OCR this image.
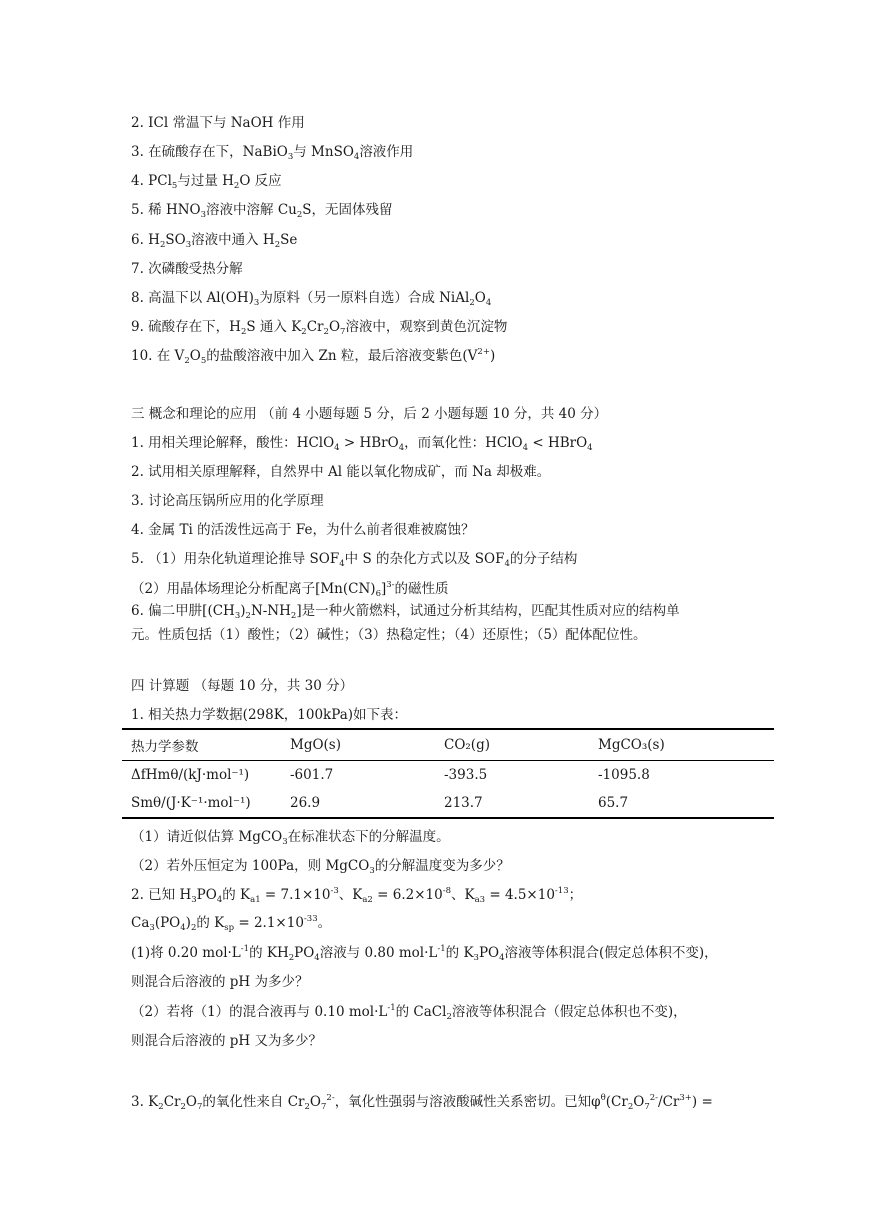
2. ICl 常温下与 NaOH 作用
3. 在硫酸存在下，NaBiO$_3$与 MnSO$_4$溶液作用
4. PCl$_5$与过量 $H_2O$ 反应
5. 稀 $HNO_3$溶液中溶解 $Cu_2S$，无固体残留
6. $H_2SO_3$溶液中通入 $H_2Se$
7. 次磷酸受热分解
8. 高温下以 $Al(OH)_3$为原料（另一原料自选）合成 $NiAl_2O_4$
9. 硫酸存在下，$H_2S$ 通入 $K_2Cr_2O_7$溶液中，观察到黄色沉淀物
10. 在 $V_2O_5$的盐酸溶液中加入 Zn 粒，最后溶液变紫色$(V^{2+})$
三 概念和理论的应用 （前 4 小题每题 5 分，后 2 小题每题 10 分，共 40 分）
1. 用相关理论解释，酸性：HClO$_4$ > HBrO$_4$，而氧化性：HClO$_4$ < HBrO$_4$
2. 试用相关原理解释，自然界中 Al 能以氧化物成矿，而 Na 却极难。
3. 讨论高压锅所应用的化学原理
4. 金属 Ti 的活泼性远高于 Fe，为什么前者很难被腐蚀？
5. （1）用杂化轨道理论推导 $SOF_4$中 S 的杂化方式以及 $SOF_4$的分子结构
（2）用晶体场理论分析配离子$[Mn(CN)_6]^{3-}$的磁性质
6. 偏二甲肼$[(CH_3)_2N-NH_2]$是一种火箭燃料，试通过分析其结构，匹配其性质对应的结构单
元。性质包括（1）酸性；（2）碱性；（3）热稳定性；（4）还原性；（5）配体配位性。
四 计算题 （每题 10 分，共 30 分）
1. 相关热力学数据(298K，100kPa)如下表：
热力学参数	MgO(s)	CO₂(g)	MgCO₃(s)
ΔfHmθ/(kJ·mol⁻¹)	-601.7	-393.5	-1095.8
Smθ/(J·K⁻¹·mol⁻¹)	26.9	213.7	65.7
（1）请近似估算 MgCO$_3$在标准状态下的分解温度。
（2）若外压恒定为 100Pa，则 MgCO$_3$的分解温度变为多少？
2. 已知 $H_3PO_4$的 $K_{a1} = 7.1\times 10^{-3}$、$K_{a2} = 6.2\times 10^{-8}$、$K_{a3} = 4.5\times 10^{-13}$；
$Ca_3(PO_4)_2$的 $K_{sp} = 2.1\times 10^{-33}$。
(1)将 0.20 $mol\cdot L^{-1}$的 $KH_2PO_4$溶液与 0.80 $mol\cdot L^{-1}$的 $K_3PO_4$溶液等体积混合(假定总体积不变)，
则混合后溶液的 pH 为多少？
（2）若将（1）的混合液再与 0.10 $mol\cdot L^{-1}$的 CaCl$_2$溶液等体积混合（假定总体积也不变)，
则混合后溶液的 pH 又为多少？
3. $K_2Cr_2O_7$的氧化性来自 $Cr_2O_7^{2-}$，氧化性强弱与溶液酸碱性关系密切。已知$\varphi^\theta(Cr_2O_7^{2-}/Cr^{3+})$ =
